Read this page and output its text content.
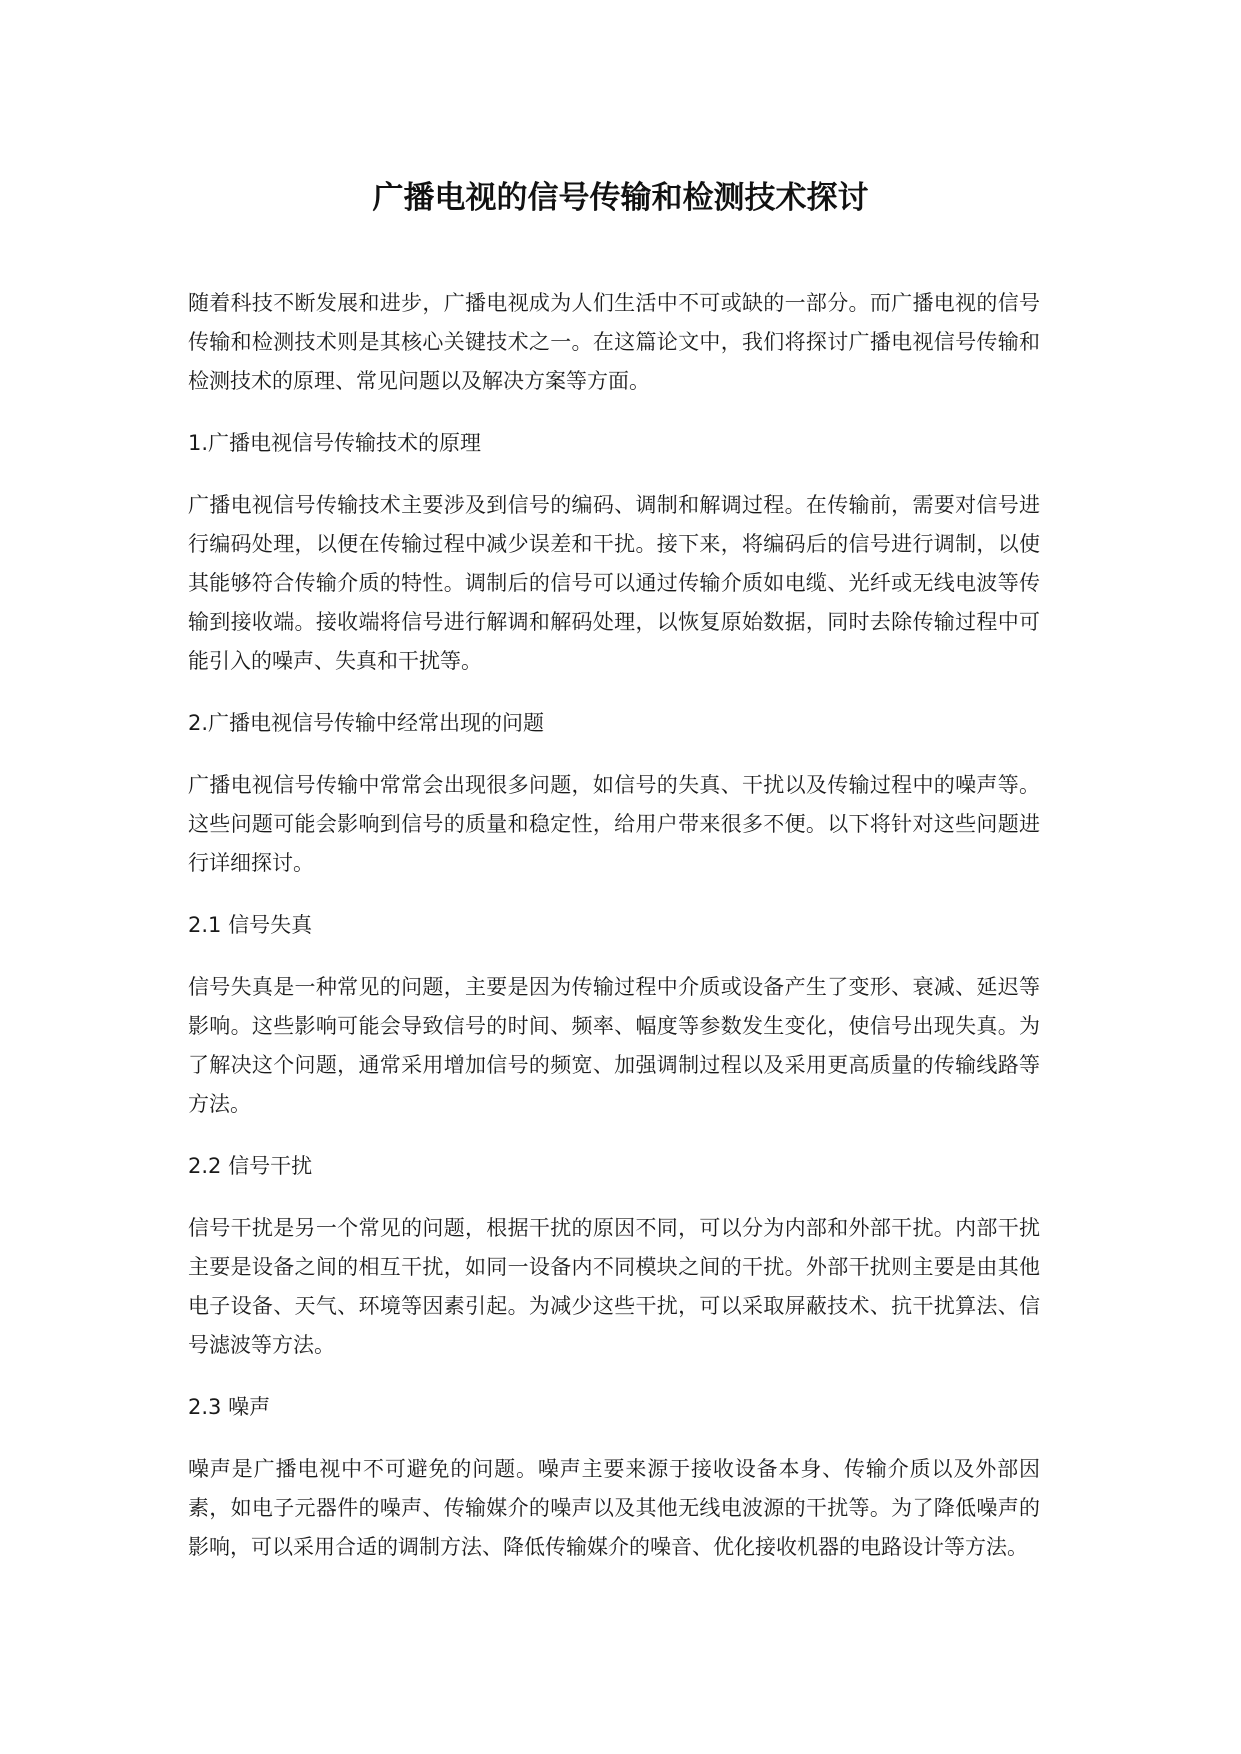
广播电视的信号传输和检测技术探讨

随着科技不断发展和进步，广播电视成为人们生活中不可或缺的一部分。而广播电视的信号传输和检测技术则是其核心关键技术之一。在这篇论文中，我们将探讨广播电视信号传输和检测技术的原理、常见问题以及解决方案等方面。

1.广播电视信号传输技术的原理

广播电视信号传输技术主要涉及到信号的编码、调制和解调过程。在传输前，需要对信号进行编码处理，以便在传输过程中减少误差和干扰。接下来，将编码后的信号进行调制，以使其能够符合传输介质的特性。调制后的信号可以通过传输介质如电缆、光纤或无线电波等传输到接收端。接收端将信号进行解调和解码处理，以恢复原始数据，同时去除传输过程中可能引入的噪声、失真和干扰等。

2.广播电视信号传输中经常出现的问题

广播电视信号传输中常常会出现很多问题，如信号的失真、干扰以及传输过程中的噪声等。这些问题可能会影响到信号的质量和稳定性，给用户带来很多不便。以下将针对这些问题进行详细探讨。

2.1 信号失真

信号失真是一种常见的问题，主要是因为传输过程中介质或设备产生了变形、衰减、延迟等影响。这些影响可能会导致信号的时间、频率、幅度等参数发生变化，使信号出现失真。为了解决这个问题，通常采用增加信号的频宽、加强调制过程以及采用更高质量的传输线路等方法。

2.2 信号干扰

信号干扰是另一个常见的问题，根据干扰的原因不同，可以分为内部和外部干扰。内部干扰主要是设备之间的相互干扰，如同一设备内不同模块之间的干扰。外部干扰则主要是由其他电子设备、天气、环境等因素引起。为减少这些干扰，可以采取屏蔽技术、抗干扰算法、信号滤波等方法。

2.3 噪声

噪声是广播电视中不可避免的问题。噪声主要来源于接收设备本身、传输介质以及外部因素，如电子元器件的噪声、传输媒介的噪声以及其他无线电波源的干扰等。为了降低噪声的影响，可以采用合适的调制方法、降低传输媒介的噪音、优化接收机器的电路设计等方法。
